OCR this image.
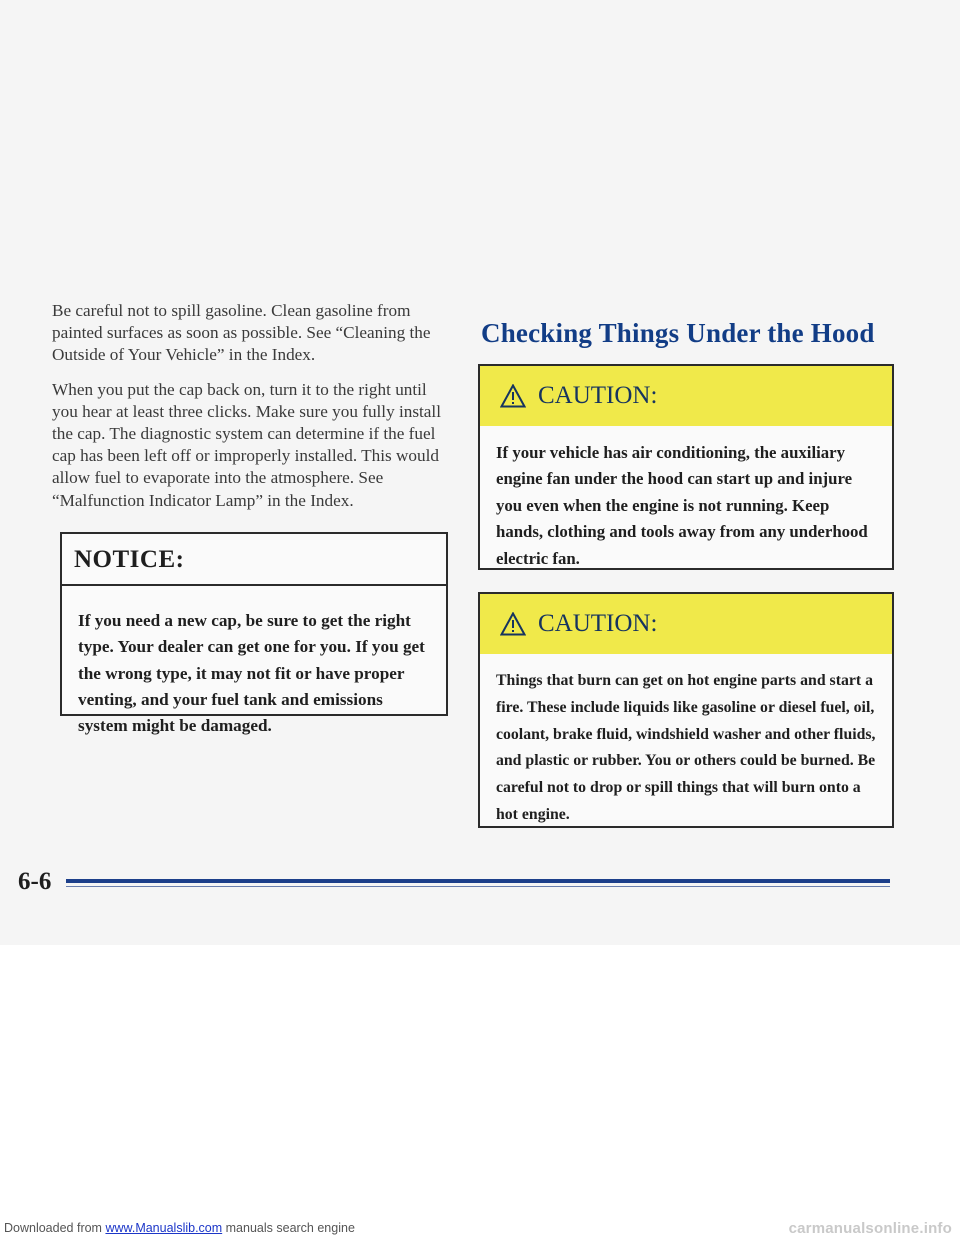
Be careful not to spill gasoline. Clean gasoline from painted surfaces as soon as possible. See “Cleaning the Outside of Your Vehicle” in the Index.

When you put the cap back on, turn it to the right until you hear at least three clicks. Make sure you fully install the cap. The diagnostic system can determine if the fuel cap has been left off or improperly installed. This would allow fuel to evaporate into the atmosphere. See “Malfunction Indicator Lamp” in the Index.

NOTICE:
If you need a new cap, be sure to get the right type. Your dealer can get one for you. If you get the wrong type, it may not fit or have proper venting, and your fuel tank and emissions system might be damaged.
Checking Things Under the Hood
CAUTION:
If your vehicle has air conditioning, the auxiliary engine fan under the hood can start up and injure you even when the engine is not running. Keep hands, clothing and tools away from any underhood electric fan.
CAUTION:
Things that burn can get on hot engine parts and start a fire. These include liquids like gasoline or diesel fuel, oil, coolant, brake fluid, windshield washer and other fluids, and plastic or rubber. You or others could be burned. Be careful not to drop or spill things that will burn onto a hot engine.

6-6

Downloaded from www.Manualslib.com manuals search engine	carmanualsonline.info
